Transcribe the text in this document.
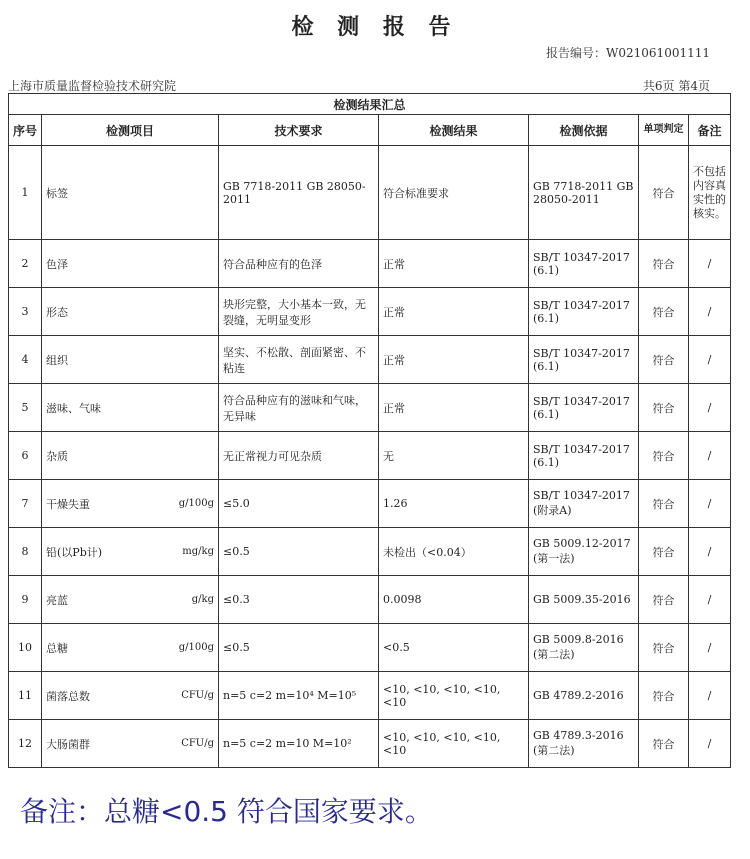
检 测 报 告
报告编号：W021061001111
上海市质量监督检验技术研究院	共6页 第4页
检测结果汇总						
序号	检测项目	技术要求	检测结果	检测依据	单项判定	备注
1	标签	GB 7718-2011 GB 28050-2011	符合标准要求	GB 7718-2011 GB 28050-2011	符合	不包括内容真实性的核实。
2	色泽	符合品种应有的色泽	正常	SB/T 10347-2017 (6.1)	符合	/
3	形态	块形完整，大小基本一致，无裂缝，无明显变形	正常	SB/T 10347-2017 (6.1)	符合	/
4	组织	坚实、不松散、剖面紧密、不粘连	正常	SB/T 10347-2017 (6.1)	符合	/
5	滋味、气味	符合品种应有的滋味和气味，无异味	正常	SB/T 10347-2017 (6.1)	符合	/
6	杂质	无正常视力可见杂质	无	SB/T 10347-2017 (6.1)	符合	/
7	干燥失重 g/100g	≤5.0	1.26	SB/T 10347-2017 (附录A)	符合	/
8	铅(以Pb计) mg/kg	≤0.5	未检出（<0.04）	GB 5009.12-2017 (第一法)	符合	/
9	亮蓝 g/kg	≤0.3	0.0098	GB 5009.35-2016	符合	/
10	总糖 g/100g	≤0.5	<0.5	GB 5009.8-2016 (第二法)	符合	/
11	菌落总数 CFU/g	n=5 c=2 m=10⁴ M=10⁵	<10, <10, <10, <10, <10	GB 4789.2-2016	符合	/
12	大肠菌群 CFU/g	n=5 c=2 m=10 M=10²	<10, <10, <10, <10, <10	GB 4789.3-2016 (第二法)	符合	/
备注：总糖<0.5 符合国家要求。
